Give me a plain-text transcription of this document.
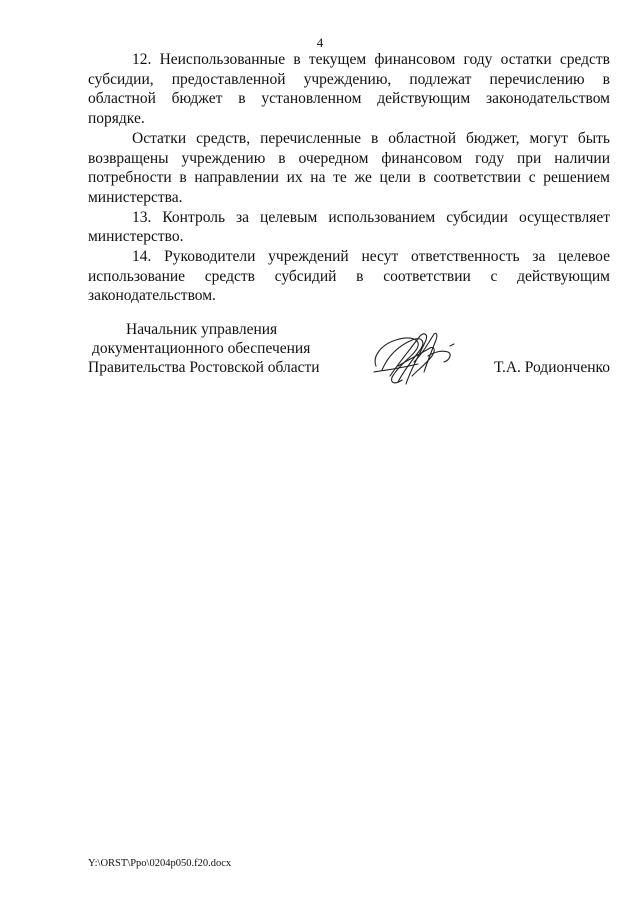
4

12. Неиспользованные в текущем финансовом году остатки средств субсидии, предоставленной учреждению, подлежат перечислению в областной бюджет в установленном действующим законодательством порядке.

Остатки средств, перечисленные в областной бюджет, могут быть возвращены учреждению в очередном финансовом году при наличии потребности в направлении их на те же цели в соответствии с решением министерства.

13. Контроль за целевым использованием субсидии осуществляет министерство.

14. Руководители учреждений несут ответственность за целевое использование средств субсидий в соответствии с действующим законодательством.

Начальник управления
документационного обеспечения
Правительства Ростовской области	Т.А. Родионченко
Y:\ORST\Ppo\0204p050.f20.docx
